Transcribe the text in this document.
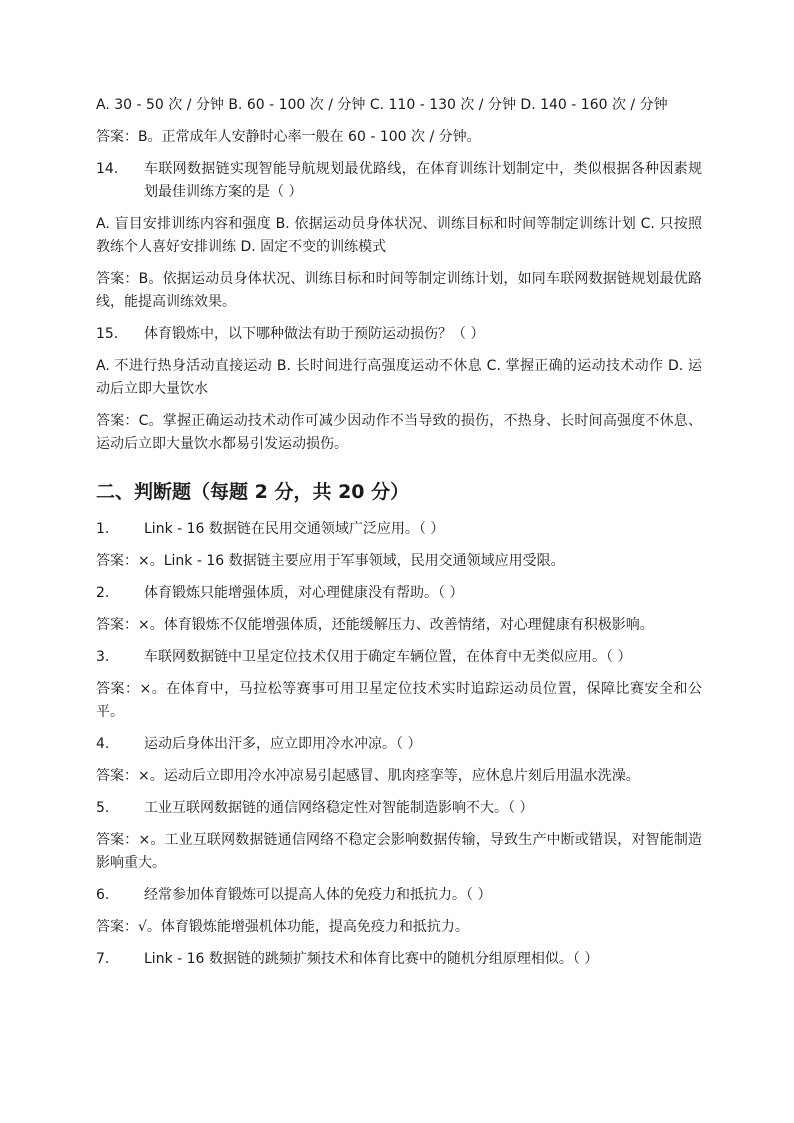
A. 30 - 50 次 / 分钟 B. 60 - 100 次 / 分钟 C. 110 - 130 次 / 分钟 D. 140 - 160 次 / 分钟

答案：B。正常成年人安静时心率一般在 60 - 100 次 / 分钟。

14.	车联网数据链实现智能导航规划最优路线，在体育训练计划制定中，类似根据各种因素规划最佳训练方案的是（ ）

A. 盲目安排训练内容和强度 B. 依据运动员身体状况、训练目标和时间等制定训练计划 C. 只按照教练个人喜好安排训练 D. 固定不变的训练模式

答案：B。依据运动员身体状况、训练目标和时间等制定训练计划，如同车联网数据链规划最优路线，能提高训练效果。

15.	体育锻炼中，以下哪种做法有助于预防运动损伤？（ ）

A. 不进行热身活动直接运动 B. 长时间进行高强度运动不休息 C. 掌握正确的运动技术动作 D. 运动后立即大量饮水

答案：C。掌握正确运动技术动作可减少因动作不当导致的损伤，不热身、长时间高强度不休息、运动后立即大量饮水都易引发运动损伤。

二、判断题（每题 2 分，共 20 分）
1.	Link - 16 数据链在民用交通领域广泛应用。（ ）

答案：×。Link - 16 数据链主要应用于军事领域，民用交通领域应用受限。

2.	体育锻炼只能增强体质，对心理健康没有帮助。（ ）

答案：×。体育锻炼不仅能增强体质，还能缓解压力、改善情绪，对心理健康有积极影响。

3.	车联网数据链中卫星定位技术仅用于确定车辆位置，在体育中无类似应用。（ ）

答案：×。在体育中，马拉松等赛事可用卫星定位技术实时追踪运动员位置，保障比赛安全和公平。

4.	运动后身体出汗多，应立即用冷水冲凉。（ ）

答案：×。运动后立即用冷水冲凉易引起感冒、肌肉痉挛等，应休息片刻后用温水洗澡。

5.	工业互联网数据链的通信网络稳定性对智能制造影响不大。（ ）

答案：×。工业互联网数据链通信网络不稳定会影响数据传输，导致生产中断或错误，对智能制造影响重大。

6.	经常参加体育锻炼可以提高人体的免疫力和抵抗力。（ ）

答案：√。体育锻炼能增强机体功能，提高免疫力和抵抗力。

7.	Link - 16 数据链的跳频扩频技术和体育比赛中的随机分组原理相似。（ ）
